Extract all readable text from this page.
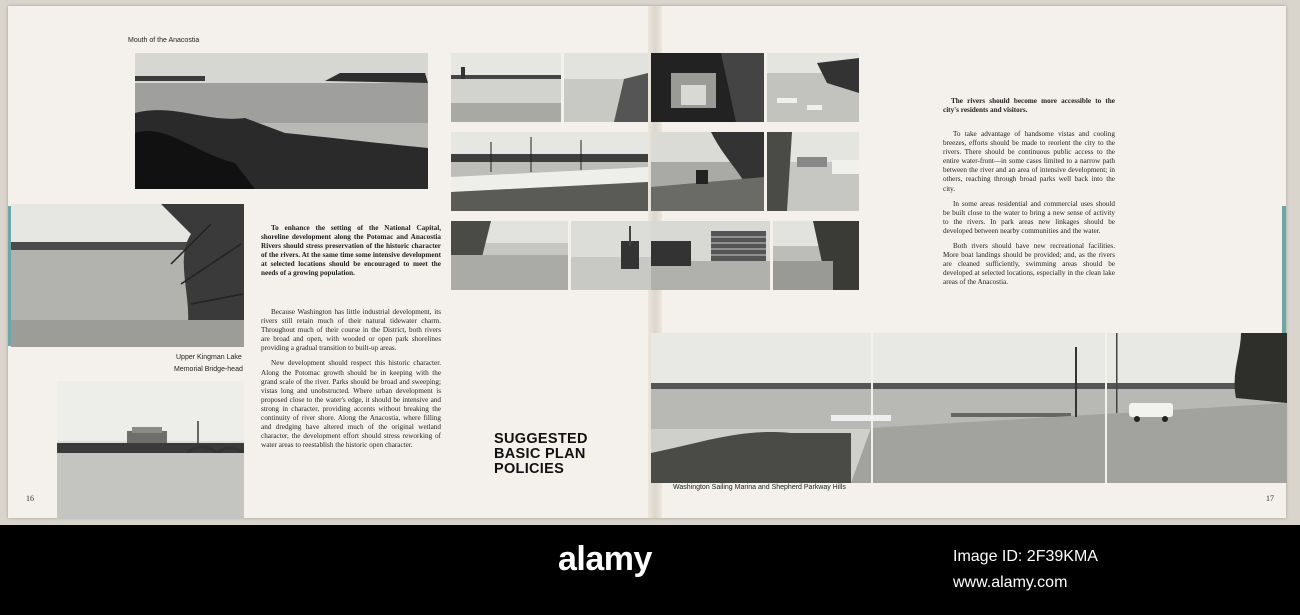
Mouth of the Anacostia
Upper Kingman Lake
Memorial Bridge-head

To enhance the setting of the National Capital, shoreline development along the Potomac and Anacostia Rivers should stress preservation of the historic character of the rivers. At the same time some intensive development at selected locations should be encouraged to meet the needs of a growing population.

Because Washington has little industrial development, its rivers still retain much of their natural tidewater charm. Throughout much of their course in the District, both rivers are broad and open, with wooded or open park shorelines providing a gradual transition to built-up areas.

New development should respect this historic character. Along the Potomac growth should be in keeping with the grand scale of the river. Parks should be broad and sweeping; vistas long and unobstructed. Where urban development is proposed close to the water's edge, it should be intensive and strong in character, providing accents without breaking the continuity of river shore. Along the Anacostia, where filling and dredging have altered much of the original wetland character, the development effort should stress reworking of water areas to reestablish the historic open character.

16
SUGGESTED BASIC PLAN POLICIES

The rivers should become more accessible to the city's residents and visitors.

To take advantage of handsome vistas and cooling breezes, efforts should be made to reorient the city to the rivers. There should be continuous public access to the entire water-front—in some cases limited to a narrow path between the river and an area of intensive development; in others, reaching through broad parks well back into the city.

In some areas residential and commercial uses should be built close to the water to bring a new sense of activity to the rivers. In park areas new linkages should be developed between nearby communities and the water.

Both rivers should have new recreational facilities. More boat landings should be provided; and, as the rivers are cleaned sufficiently, swimming areas should be developed at selected locations, especially in the clean lake areas of the Anacostia.

Washington Sailing Marina and Shepherd Parkway Hills
17
alamy	Image ID: 2F39KMA
www.alamy.com
